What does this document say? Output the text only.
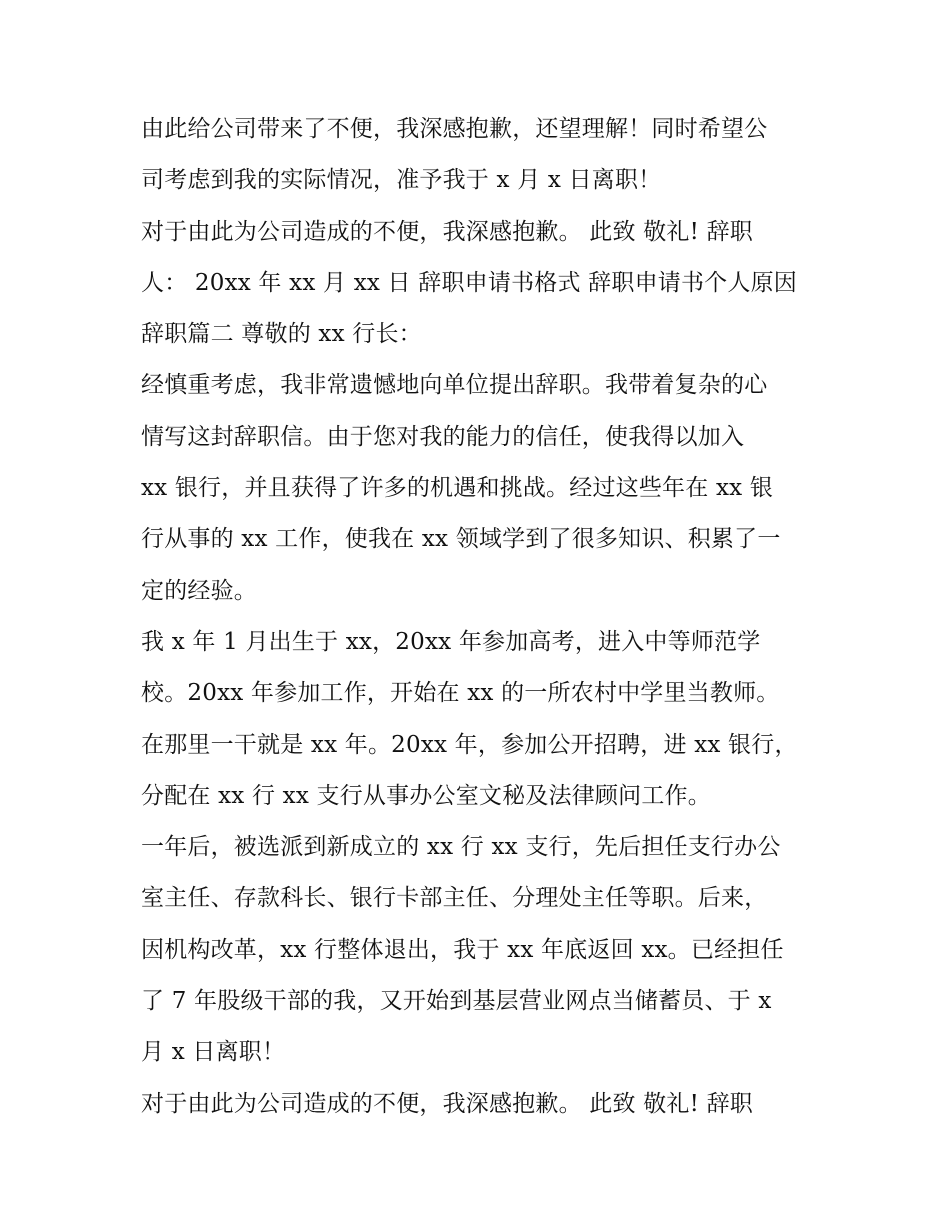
由此给公司带来了不便，我深感抱歉，还望理解！同时希望公
司考虑到我的实际情况，准予我于 x 月 x 日离职！
对于由此为公司造成的不便，我深感抱歉。 此致 敬礼! 辞职
人： 20xx 年 xx 月 xx 日 辞职申请书格式 辞职申请书个人原因
辞职篇二 尊敬的 xx 行长：
经慎重考虑，我非常遗憾地向单位提出辞职。我带着复杂的心
情写这封辞职信。由于您对我的能力的信任，使我得以加入
xx 银行，并且获得了许多的机遇和挑战。经过这些年在 xx 银
行从事的 xx 工作，使我在 xx 领域学到了很多知识、积累了一
定的经验。
我 x 年 1 月出生于 xx，20xx 年参加高考，进入中等师范学
校。20xx 年参加工作，开始在 xx 的一所农村中学里当教师。
在那里一干就是 xx 年。20xx 年，参加公开招聘，进 xx 银行，
分配在 xx 行 xx 支行从事办公室文秘及法律顾问工作。
一年后，被选派到新成立的 xx 行 xx 支行，先后担任支行办公
室主任、存款科长、银行卡部主任、分理处主任等职。后来，
因机构改革，xx 行整体退出，我于 xx 年底返回 xx。已经担任
了 7 年股级干部的我，又开始到基层营业网点当储蓄员、于 x
月 x 日离职！
对于由此为公司造成的不便，我深感抱歉。 此致 敬礼! 辞职
